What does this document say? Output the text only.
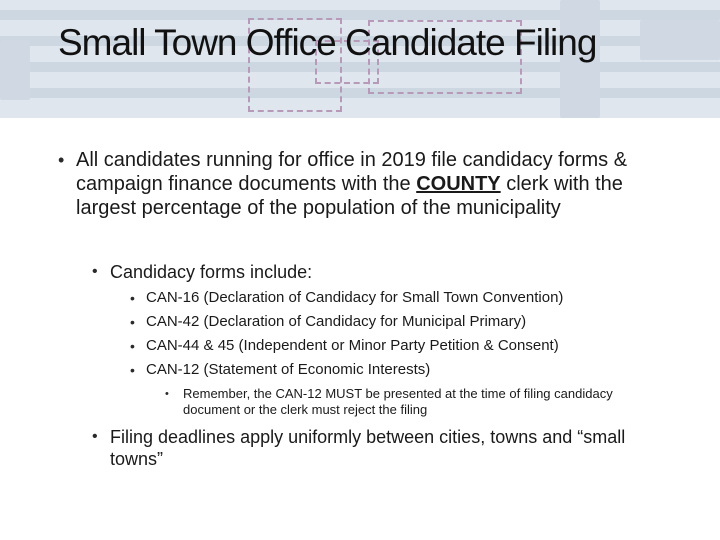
Small Town Office Candidate Filing
• All candidates running for office in 2019 file candidacy forms & campaign finance documents with the COUNTY clerk with the largest percentage of the population of the municipality
• Candidacy forms include:
• CAN-16 (Declaration of Candidacy for Small Town Convention)
• CAN-42 (Declaration of Candidacy for Municipal Primary)
• CAN-44 & 45 (Independent or Minor Party Petition & Consent)
• CAN-12 (Statement of Economic Interests)
•	Remember, the CAN-12 MUST be presented at the time of filing candidacy document or the clerk must reject the filing
• Filing deadlines apply uniformly between cities, towns and “small towns”
